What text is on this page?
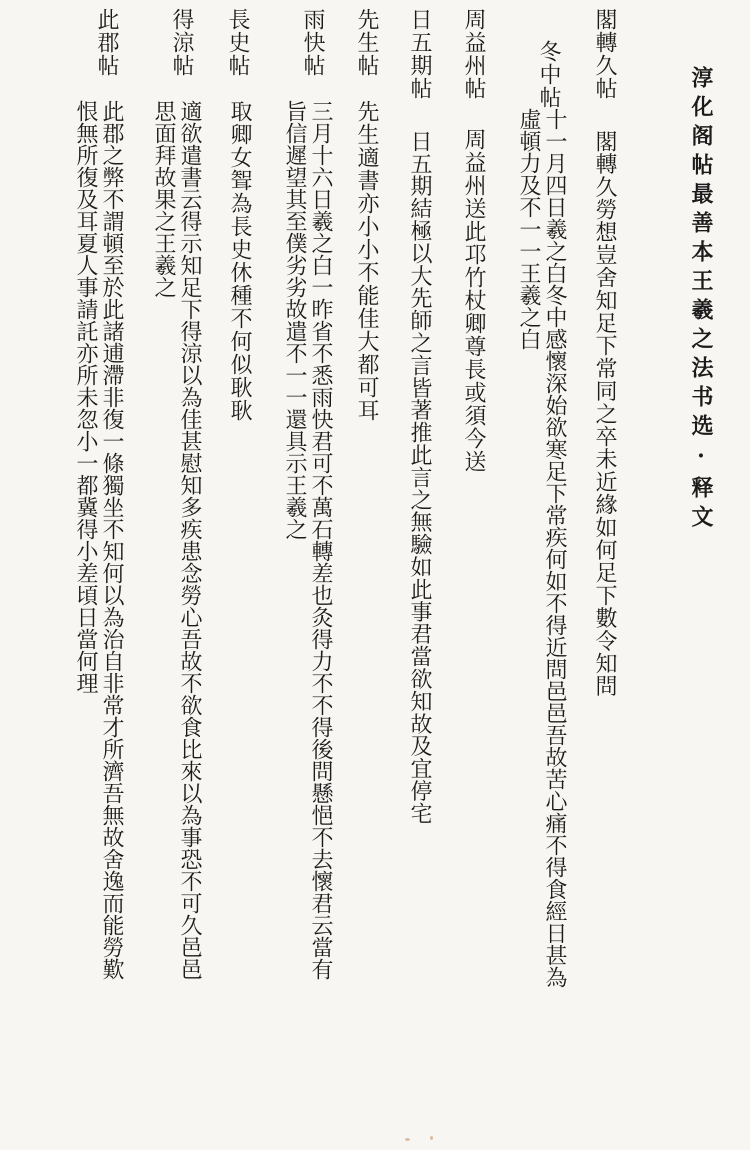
淳化阁帖最善本王羲之法书选·释文
閣轉久帖
閣轉久勞想豈舍知足下常同之卒未近緣如何足下數令知問
冬中帖
十一月四日羲之白冬中感懷深始欲寒足下常疾何如不得近問邑邑吾故苦心痛不得食經日甚為
虛頓力及不一一王羲之白
周益州帖
周益州送此邛竹杖卿尊長或須今送
日五期帖
日五期結極以大先師之言皆著推此言之無驗如此事君當欲知故及宜停宅
先生帖
先生適書亦小小不能佳大都可耳
雨快帖
三月十六日羲之白一昨省不悉雨快君可不萬石轉差也灸得力不不得後問懸悒不去懷君云當有
旨信遲望其至僕劣劣故遣不一一還具示王羲之
長史帖
取卿女聟為長史休種不何似耿耿
得涼帖
適欲遣書云得示知足下得涼以為佳甚慰知多疾患念勞心吾故不欲食比來以為事恐不可久邑邑
思面拜故果之王羲之
此郡帖
此郡之弊不謂頓至於此諸逋滯非復一條獨坐不知何以為治自非常才所濟吾無故舍逸而能勞歎
恨無所復及耳夏人事請託亦所未忽小一都冀得小差頃日當何理
